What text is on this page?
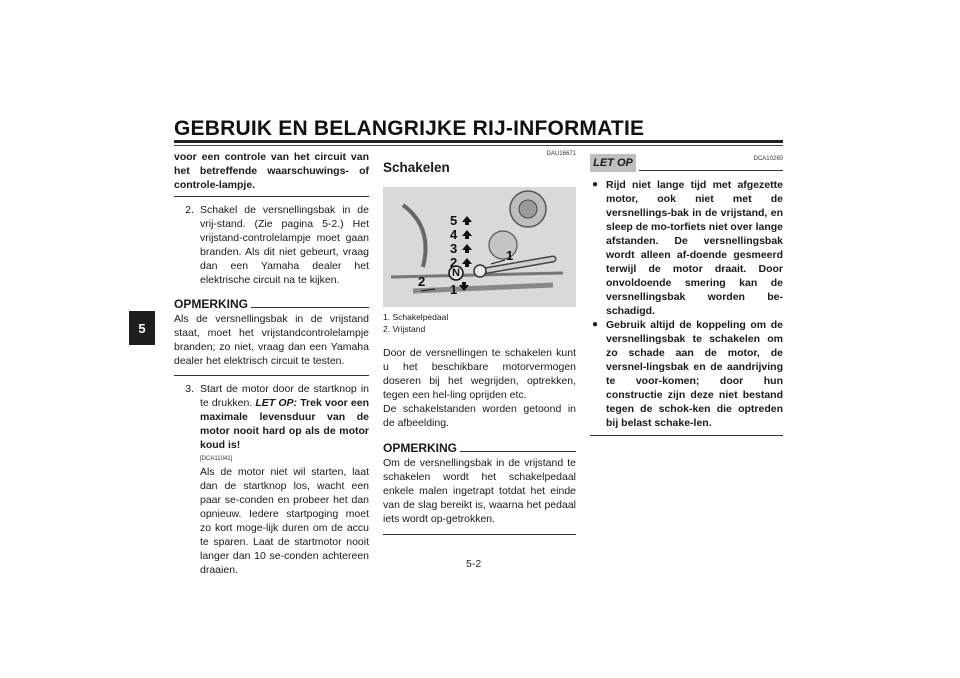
GEBRUIK EN BELANGRIJKE RIJ-INFORMATIE
5
voor een controle van het circuit van het betreffende waarschuwings- of controle-lampje.
2. Schakel de versnellingsbak in de vrij-stand. (Zie pagina 5-2.) Het vrijstand-controlelampje moet gaan branden. Als dit niet gebeurt, vraag dan een Yamaha dealer het elektrische circuit na te kijken.
OPMERKING
Als de versnellingsbak in de vrijstand staat, moet het vrijstandcontrolelampje branden; zo niet, vraag dan een Yamaha dealer het elektrisch circuit te testen.
3. Start de motor door de startknop in te drukken. LET OP: Trek voor een maximale levensduur van de motor nooit hard op als de motor koud is!
[DCA11041]
Als de motor niet wil starten, laat dan de startknop los, wacht een paar se-conden en probeer het dan opnieuw. Iedere startpoging moet zo kort moge-lijk duren om de accu te sparen. Laat de startmotor nooit langer dan 10 se-conden achtereen draaien.
DAU16671
Schakelen
5
4
3
2
N
1
1
2
1. Schakelpedaal
2. Vrijstand
Door de versnellingen te schakelen kunt u het beschikbare motorvermogen doseren bij het wegrijden, optrekken, tegen een hel-ling oprijden etc.
De schakelstanden worden getoond in de afbeelding.
OPMERKING
Om de versnellingsbak in de vrijstand te schakelen wordt het schakelpedaal enkele malen ingetrapt totdat het einde van de slag bereikt is, waarna het pedaal iets wordt op-getrokken.
LET OP	DCA10260
● Rijd niet lange tijd met afgezette motor, ook niet met de versnellings-bak in de vrijstand, en sleep de mo-torfiets niet over lange afstanden. De versnellingsbak wordt alleen af-doende gesmeerd terwijl de motor draait. Door onvoldoende smering kan de versnellingsbak worden be-schadigd.
● Gebruik altijd de koppeling om de versnellingsbak te schakelen om zo schade aan de motor, de versnel-lingsbak en de aandrijving te voor-komen; door hun constructie zijn deze niet bestand tegen de schok-ken die optreden bij belast schake-len.
5-2
